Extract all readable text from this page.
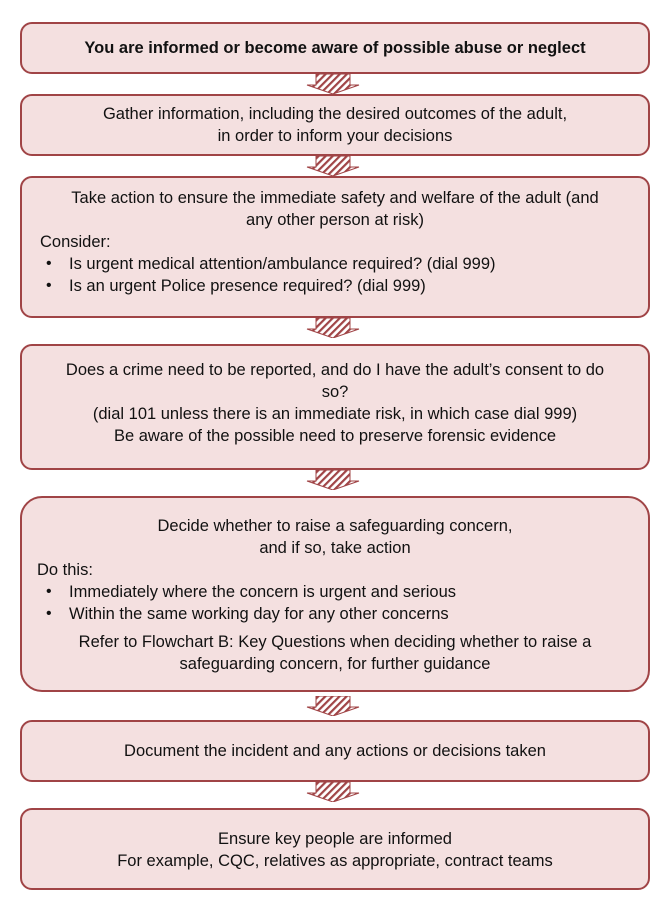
You are informed or become aware of possible abuse or neglect
Gather information, including the desired outcomes of the adult,
in order to inform your decisions
Take action to ensure the immediate safety and welfare of the adult (and
any other person at risk)
Consider:
• Is urgent medical attention/ambulance required? (dial 999)
• Is an urgent Police presence required? (dial 999)
Does a crime need to be reported, and do I have the adult’s consent to do
so?
(dial 101 unless there is an immediate risk, in which case dial 999)
Be aware of the possible need to preserve forensic evidence
Decide whether to raise a safeguarding concern,
and if so, take action
Do this:
• Immediately where the concern is urgent and serious
• Within the same working day for any other concerns
Refer to Flowchart B: Key Questions when deciding whether to raise a
safeguarding concern, for further guidance
Document the incident and any actions or decisions taken
Ensure key people are informed
For example, CQC, relatives as appropriate, contract teams
